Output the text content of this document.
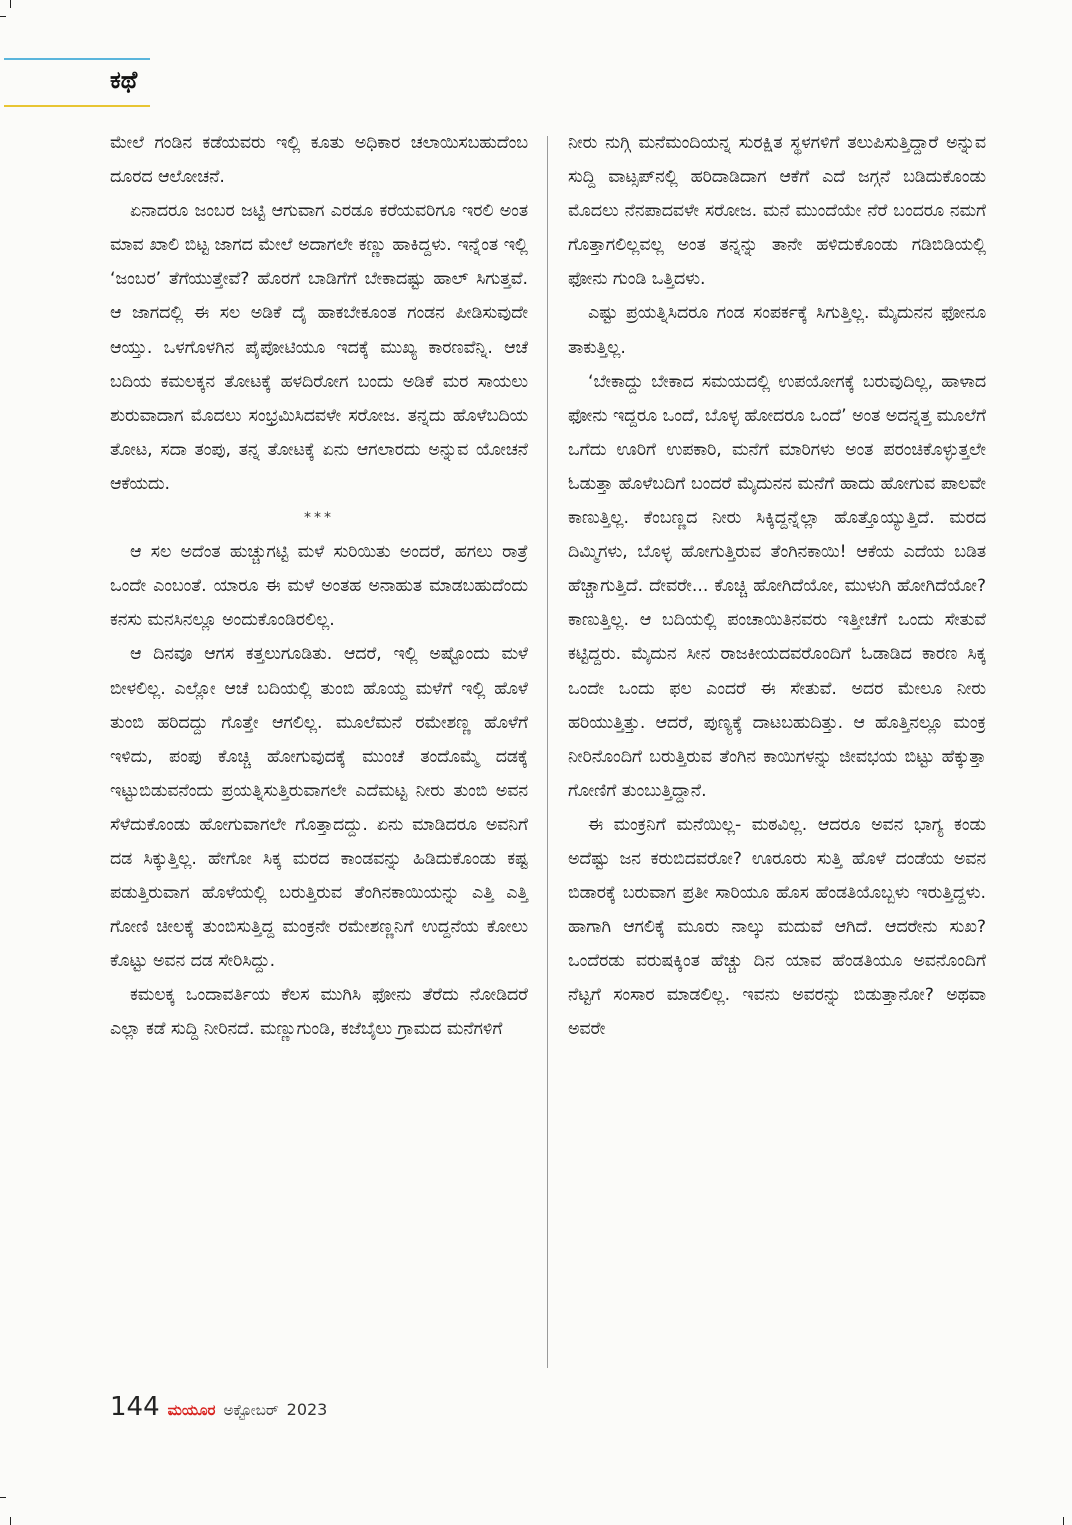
ಕಥೆ

ಮೇಲೆ ಗಂಡಿನ ಕಡೆಯವರು ಇಲ್ಲಿ ಕೂತು ಅಧಿಕಾರ ಚಲಾಯಿಸಬಹುದೆಂಬ ದೂರದ ಆಲೋಚನೆ.

ಏನಾದರೂ ಜಂಬರ ಜಟ್ಟಿ ಆಗುವಾಗ ಎರಡೂ ಕರೆಯವರಿಗೂ ಇರಲಿ ಅಂತ ಮಾವ ಖಾಲಿ ಬಿಟ್ಟ ಜಾಗದ ಮೇಲೆ ಅದಾಗಲೇ ಕಣ್ಣು ಹಾಕಿದ್ದಳು. ಇನ್ನೆಂತ ಇಲ್ಲಿ ‘ಜಂಬರ’ ತೆಗೆಯುತ್ತೇವೆ? ಹೊರಗೆ ಬಾಡಿಗೆಗೆ ಬೇಕಾದಷ್ಟು ಹಾಲ್ ಸಿಗುತ್ತವೆ. ಆ ಜಾಗದಲ್ಲಿ ಈ ಸಲ ಅಡಿಕೆ ದೈ ಹಾಕಬೇಕೂಂತ ಗಂಡನ ಪೀಡಿಸುವುದೇ ಆಯ್ತು. ಒಳಗೊಳಗಿನ ಪೈಪೋಟಿಯೂ ಇದಕ್ಕೆ ಮುಖ್ಯ ಕಾರಣವೆನ್ನಿ. ಆಚೆ ಬದಿಯ ಕಮಲಕ್ಕನ ತೋಟಕ್ಕೆ ಹಳದಿರೋಗ ಬಂದು ಅಡಿಕೆ ಮರ ಸಾಯಲು ಶುರುವಾದಾಗ ಮೊದಲು ಸಂಭ್ರಮಿಸಿದವಳೇ ಸರೋಜ. ತನ್ನದು ಹೊಳೆಬದಿಯ ತೋಟ, ಸದಾ ತಂಪು, ತನ್ನ ತೋಟಕ್ಕೆ ಏನು ಆಗಲಾರದು ಅನ್ನುವ ಯೋಚನೆ ಆಕೆಯದು.

***

ಆ ಸಲ ಅದೆಂತ ಹುಚ್ಚುಗಟ್ಟಿ ಮಳೆ ಸುರಿಯಿತು ಅಂದರೆ, ಹಗಲು ರಾತ್ರೆ ಒಂದೇ ಎಂಬಂತೆ. ಯಾರೂ ಈ ಮಳೆ ಅಂತಹ ಅನಾಹುತ ಮಾಡಬಹುದೆಂದು ಕನಸು ಮನಸಿನಲ್ಲೂ ಅಂದುಕೊಂಡಿರಲಿಲ್ಲ.

ಆ ದಿನವೂ ಆಗಸ ಕತ್ತಲುಗೂಡಿತು. ಆದರೆ, ಇಲ್ಲಿ ಅಷ್ಟೊಂದು ಮಳೆ ಬೀಳಲಿಲ್ಲ. ಎಲ್ಲೋ ಆಚೆ ಬದಿಯಲ್ಲಿ ತುಂಬಿ ಹೊಯ್ದ ಮಳೆಗೆ ಇಲ್ಲಿ ಹೊಳೆ ತುಂಬಿ ಹರಿದದ್ದು ಗೊತ್ತೇ ಆಗಲಿಲ್ಲ. ಮೂಲೆಮನೆ ರಮೇಶಣ್ಣ ಹೊಳೆಗೆ ಇಳಿದು, ಪಂಪು ಕೊಚ್ಚಿ ಹೋಗುವುದಕ್ಕೆ ಮುಂಚೆ ತಂದೊಮ್ಮೆ ದಡಕ್ಕೆ ಇಟ್ಟುಬಿಡುವನೆಂದು ಪ್ರಯತ್ನಿಸುತ್ತಿರುವಾಗಲೇ ಎದೆಮಟ್ಟ ನೀರು ತುಂಬಿ ಅವನ ಸೆಳೆದುಕೊಂಡು ಹೋಗುವಾಗಲೇ ಗೊತ್ತಾದದ್ದು. ಏನು ಮಾಡಿದರೂ ಅವನಿಗೆ ದಡ ಸಿಕ್ಕುತ್ತಿಲ್ಲ. ಹೇಗೋ ಸಿಕ್ಕ ಮರದ ಕಾಂಡವನ್ನು ಹಿಡಿದುಕೊಂಡು ಕಷ್ಟ ಪಡುತ್ತಿರುವಾಗ ಹೊಳೆಯಲ್ಲಿ ಬರುತ್ತಿರುವ ತೆಂಗಿನಕಾಯಿಯನ್ನು ಎತ್ತಿ ಎತ್ತಿ ಗೋಣಿ ಚೀಲಕ್ಕೆ ತುಂಬಿಸುತ್ತಿದ್ದ ಮಂಕ್ರನೇ ರಮೇಶಣ್ಣನಿಗೆ ಉದ್ದನೆಯ ಕೋಲು ಕೊಟ್ಟು ಅವನ ದಡ ಸೇರಿಸಿದ್ದು.

ಕಮಲಕ್ಕ ಒಂದಾವರ್ತಿಯ ಕೆಲಸ ಮುಗಿಸಿ ಫೋನು ತೆರೆದು ನೋಡಿದರೆ ಎಲ್ಲಾ ಕಡೆ ಸುದ್ದಿ ನೀರಿನದೆ. ಮಣ್ಣುಗುಂಡಿ, ಕಜೆಬೈಲು ಗ್ರಾಮದ ಮನೆಗಳಿಗೆ

ನೀರು ನುಗ್ಗಿ ಮನೆಮಂದಿಯನ್ನ ಸುರಕ್ಷಿತ ಸ್ಥಳಗಳಿಗೆ ತಲುಪಿಸುತ್ತಿದ್ದಾರೆ ಅನ್ನುವ ಸುದ್ದಿ ವಾಟ್ಸಪ್‌ನಲ್ಲಿ ಹರಿದಾಡಿದಾಗ ಆಕೆಗೆ ಎದೆ ಜಗ್ಗನೆ ಬಡಿದುಕೊಂಡು ಮೊದಲು ನೆನಪಾದವಳೇ ಸರೋಜ. ಮನೆ ಮುಂದೆಯೇ ನೆರೆ ಬಂದರೂ ನಮಗೆ ಗೊತ್ತಾಗಲಿಲ್ಲವಲ್ಲ ಅಂತ ತನ್ನನ್ನು ತಾನೇ ಹಳಿದುಕೊಂಡು ಗಡಿಬಿಡಿಯಲ್ಲಿ ಫೋನು ಗುಂಡಿ ಒತ್ತಿದಳು.

ಎಷ್ಟು ಪ್ರಯತ್ನಿಸಿದರೂ ಗಂಡ ಸಂಪರ್ಕಕ್ಕೆ ಸಿಗುತ್ತಿಲ್ಲ. ಮೈದುನನ ಫೋನೂ ತಾಕುತ್ತಿಲ್ಲ.

‘ಬೇಕಾದ್ದು ಬೇಕಾದ ಸಮಯದಲ್ಲಿ ಉಪಯೋಗಕ್ಕೆ ಬರುವುದಿಲ್ಲ, ಹಾಳಾದ ಫೋನು ಇದ್ದರೂ ಒಂದೆ, ಬೊಳ್ಳ ಹೋದರೂ ಒಂದೆ’ ಅಂತ ಅದನ್ನತ್ತ ಮೂಲೆಗೆ ಒಗೆದು ಊರಿಗೆ ಉಪಕಾರಿ, ಮನೆಗೆ ಮಾರಿಗಳು ಅಂತ ಪರಂಚಿಕೊಳ್ಳುತ್ತಲೇ ಓಡುತ್ತಾ ಹೊಳೆಬದಿಗೆ ಬಂದರೆ ಮೈದುನನ ಮನೆಗೆ ಹಾದು ಹೋಗುವ ಪಾಲವೇ ಕಾಣುತ್ತಿಲ್ಲ. ಕೆಂಬಣ್ಣದ ನೀರು ಸಿಕ್ಕಿದ್ದನ್ನೆಲ್ಲಾ ಹೊತ್ತೊಯ್ಯುತ್ತಿದೆ. ಮರದ ದಿಮ್ಮಿಗಳು, ಬೊಳ್ಳ ಹೋಗುತ್ತಿರುವ ತೆಂಗಿನಕಾಯಿ! ಆಕೆಯ ಎದೆಯ ಬಡಿತ ಹೆಚ್ಚಾಗುತ್ತಿದೆ. ದೇವರೇ... ಕೊಚ್ಚಿ ಹೋಗಿದೆಯೋ, ಮುಳುಗಿ ಹೋಗಿದೆಯೋ? ಕಾಣುತ್ತಿಲ್ಲ. ಆ ಬದಿಯಲ್ಲಿ ಪಂಚಾಯಿತಿನವರು ಇತ್ತೀಚೆಗೆ ಒಂದು ಸೇತುವೆ ಕಟ್ಟಿದ್ದರು. ಮೈದುನ ಸೀನ ರಾಜಕೀಯದವರೊಂದಿಗೆ ಓಡಾಡಿದ ಕಾರಣ ಸಿಕ್ಕ ಒಂದೇ ಒಂದು ಫಲ ಎಂದರೆ ಈ ಸೇತುವೆ. ಅದರ ಮೇಲೂ ನೀರು ಹರಿಯುತ್ತಿತ್ತು. ಆದರೆ, ಪುಣ್ಯಕ್ಕೆ ದಾಟಬಹುದಿತ್ತು. ಆ ಹೊತ್ತಿನಲ್ಲೂ ಮಂಕ್ರ ನೀರಿನೊಂದಿಗೆ ಬರುತ್ತಿರುವ ತೆಂಗಿನ ಕಾಯಿಗಳನ್ನು ಜೀವಭಯ ಬಿಟ್ಟು ಹೆಕ್ಕುತ್ತಾ ಗೋಣಿಗೆ ತುಂಬುತ್ತಿದ್ದಾನೆ.

ಈ ಮಂಕ್ರನಿಗೆ ಮನೆಯಿಲ್ಲ- ಮಠವಿಲ್ಲ. ಆದರೂ ಅವನ ಭಾಗ್ಯ ಕಂಡು ಅದೆಷ್ಟು ಜನ ಕರುಬಿದವರೋ? ಊರೂರು ಸುತ್ತಿ ಹೊಳೆ ದಂಡೆಯ ಅವನ ಬಿಡಾರಕ್ಕೆ ಬರುವಾಗ ಪ್ರತೀ ಸಾರಿಯೂ ಹೊಸ ಹೆಂಡತಿಯೊಬ್ಬಳು ಇರುತ್ತಿದ್ದಳು. ಹಾಗಾಗಿ ಆಗಲಿಕ್ಕೆ ಮೂರು ನಾಲ್ಕು ಮದುವೆ ಆಗಿದೆ. ಆದರೇನು ಸುಖ? ಒಂದೆರಡು ವರುಷಕ್ಕಿಂತ ಹೆಚ್ಚು ದಿನ ಯಾವ ಹೆಂಡತಿಯೂ ಅವನೊಂದಿಗೆ ನೆಟ್ಟಗೆ ಸಂಸಾರ ಮಾಡಲಿಲ್ಲ. ಇವನು ಅವರನ್ನು ಬಿಡುತ್ತಾನೋ? ಅಥವಾ ಅವರೇ

144 ಮಯೂರ ಅಕ್ಟೋಬರ್ 2023
